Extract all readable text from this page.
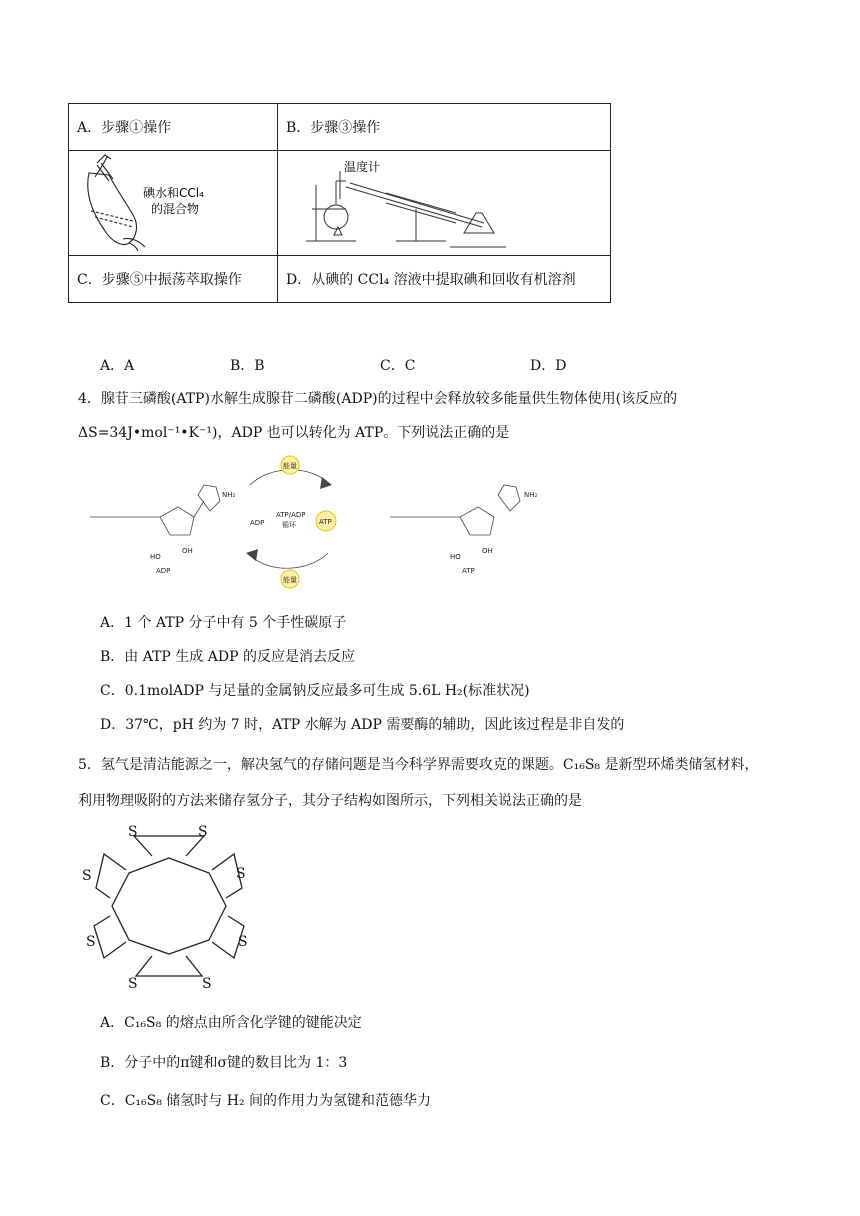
A．步骤①操作	B．步骤③操作

碘水和CCl₄
的混合物	温度计

C．步骤⑤中振荡萃取操作	D．从碘的 CCl₄ 溶液中提取碘和回收有机溶剂
A．A	B．B	C．C	D．D
4．腺苷三磷酸(ATP)水解生成腺苷二磷酸(ADP)的过程中会释放较多能量供生物体使用(该反应的
ΔS=34J•mol⁻¹•K⁻¹)，ADP 也可以转化为 ATP。下列说法正确的是
能量
能量
ADP	ATP
ATP/ADP
循环
ADP	ATP
NH₂	NH₂
OH
HO
OH
HO
A．1 个 ATP 分子中有 5 个手性碳原子
B．由 ATP 生成 ADP 的反应是消去反应
C．0.1molADP 与足量的金属钠反应最多可生成 5.6L H₂(标准状况)
D．37℃，pH 约为 7 时，ATP 水解为 ADP 需要酶的辅助，因此该过程是非自发的
5．氢气是清洁能源之一，解决氢气的存储问题是当今科学界需要攻克的课题。C₁₆S₈ 是新型环烯类储氢材料，
利用物理吸附的方法来储存氢分子，其分子结构如图所示，下列相关说法正确的是
S	S
S
S
S
S
S
S
A．C₁₆S₈ 的熔点由所含化学键的键能决定
B．分子中的π键和σ键的数目比为 1：3
C．C₁₆S₈ 储氢时与 H₂ 间的作用力为氢键和范德华力
